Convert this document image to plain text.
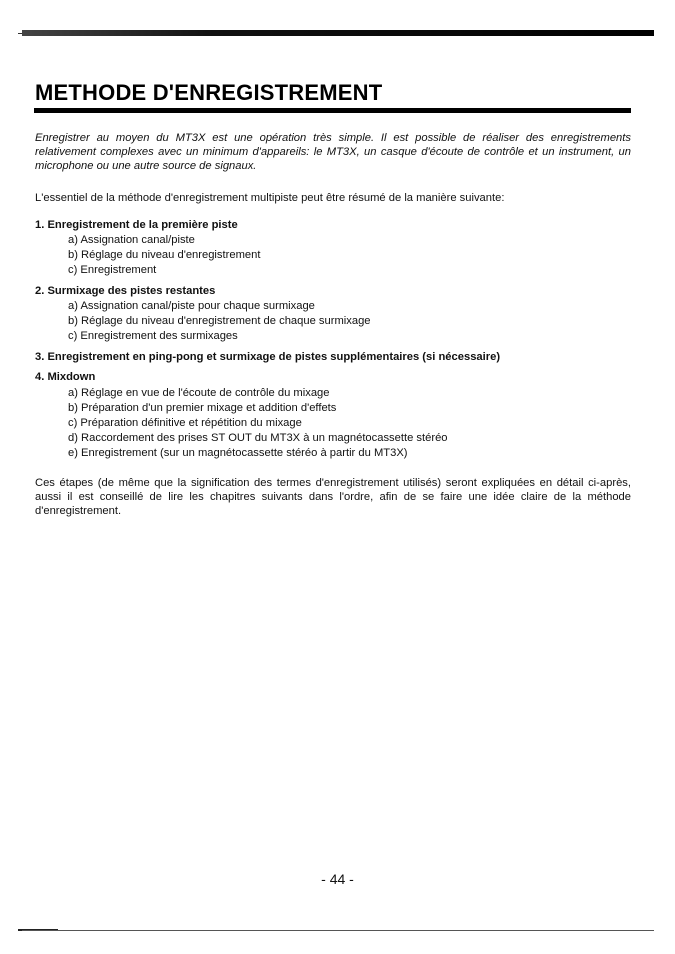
METHODE D'ENREGISTREMENT

Enregistrer au moyen du MT3X est une opération très simple. Il est possible de réaliser des enregistrements relativement complexes avec un minimum d'appareils: le MT3X, un casque d'écoute de contrôle et un instrument, un microphone ou une autre source de signaux.

L'essentiel de la méthode d'enregistrement multipiste peut être résumé de la manière suivante:

1. Enregistrement de la première piste

a) Assignation canal/piste
b) Réglage du niveau d'enregistrement
c) Enregistrement

2. Surmixage des pistes restantes

a) Assignation canal/piste pour chaque surmixage
b) Réglage du niveau d'enregistrement de chaque surmixage
c) Enregistrement des surmixages

3. Enregistrement en ping-pong et surmixage de pistes supplémentaires (si nécessaire)

4. Mixdown

a) Réglage en vue de l'écoute de contrôle du mixage
b) Préparation d'un premier mixage et addition d'effets
c) Préparation définitive et répétition du mixage
d) Raccordement des prises ST OUT du MT3X à un magnétocassette stéréo
e) Enregistrement (sur un magnétocassette stéréo à partir du MT3X)

Ces étapes (de même que la signification des termes d'enregistrement utilisés) seront expliquées en détail ci-après, aussi il est conseillé de lire les chapitres suivants dans l'ordre, afin de se faire une idée claire de la méthode d'enregistrement.

- 44 -
